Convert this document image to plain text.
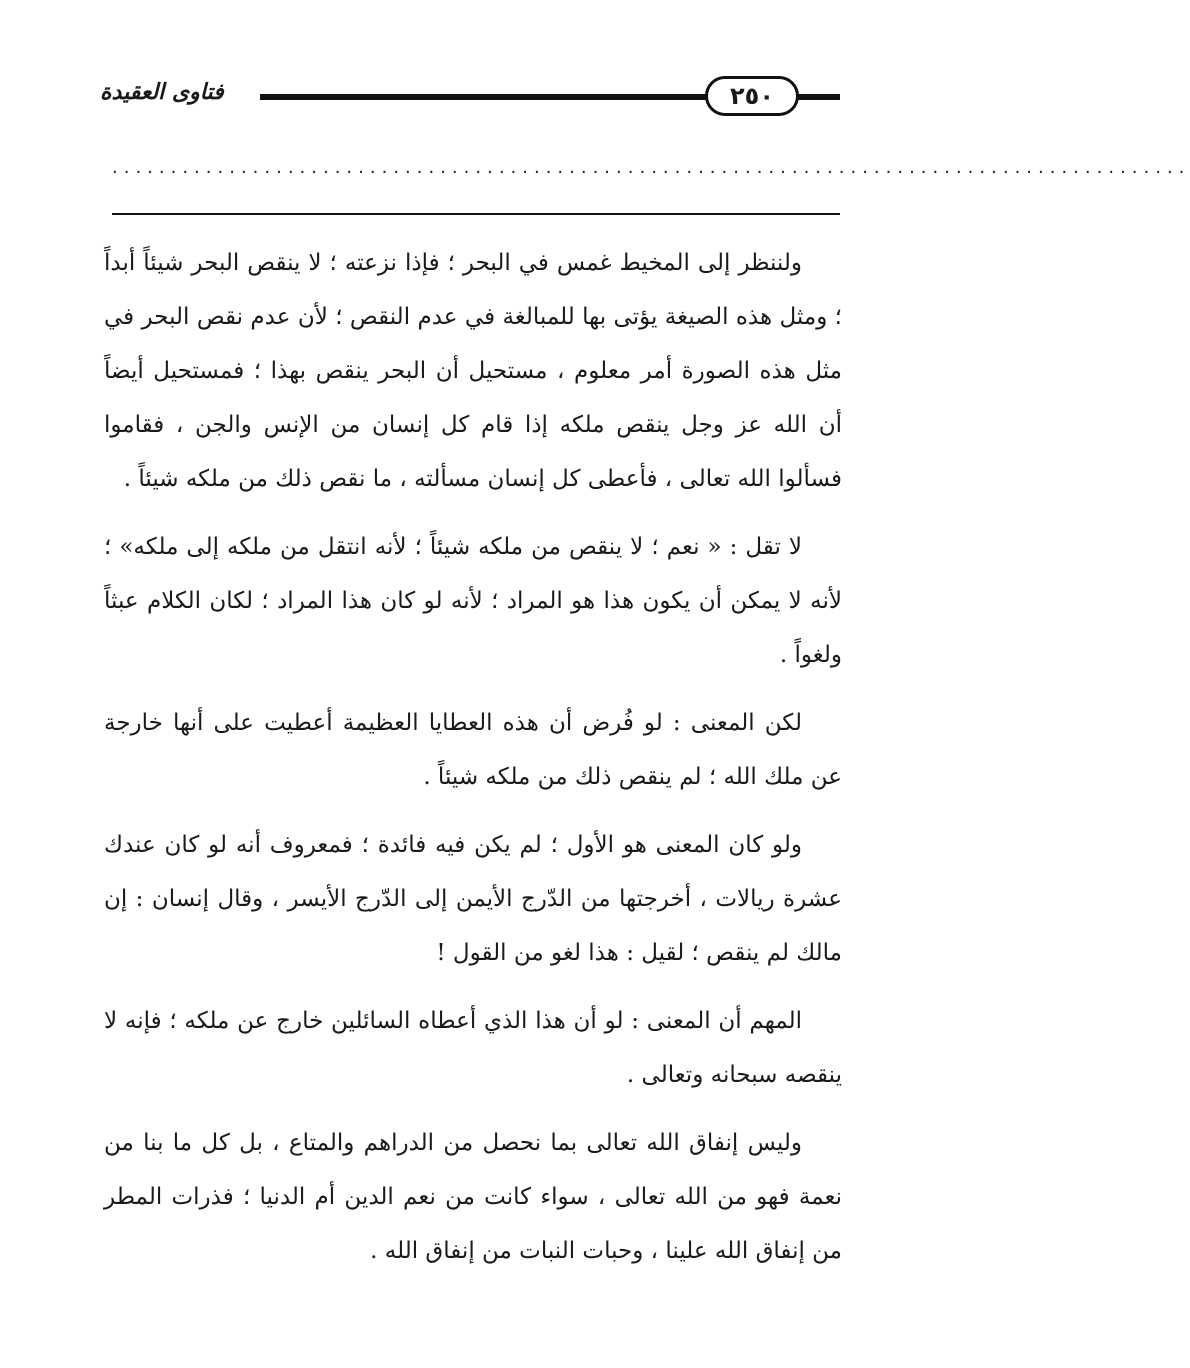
٢٥٠
فتاوى العقيدة
............................................................................................

ولننظر إلى المخيط غمس في البحر ؛ فإذا نزعته ؛ لا ينقص البحر شيئاً أبداً ؛ ومثل هذه الصيغة يؤتى بها للمبالغة في عدم النقص ؛ لأن عدم نقص البحر في مثل هذه الصورة أمر معلوم ، مستحيل أن البحر ينقص بهذا ؛ فمستحيل أيضاً أن الله عز وجل ينقص ملكه إذا قام كل إنسان من الإنس والجن ، فقاموا فسألوا الله تعالى ، فأعطى كل إنسان مسألته ، ما نقص ذلك من ملكه شيئاً .

لا تقل : « نعم ؛ لا ينقص من ملكه شيئاً ؛ لأنه انتقل من ملكه إلى ملكه» ؛ لأنه لا يمكن أن يكون هذا هو المراد ؛ لأنه لو كان هذا المراد ؛ لكان الكلام عبثاً ولغواً .

لكن المعنى : لو فُرض أن هذه العطايا العظيمة أعطيت على أنها خارجة عن ملك الله ؛ لم ينقص ذلك من ملكه شيئاً .

ولو كان المعنى هو الأول ؛ لم يكن فيه فائدة ؛ فمعروف أنه لو كان عندك عشرة ريالات ، أخرجتها من الدّرج الأيمن إلى الدّرج الأيسر ، وقال إنسان : إن مالك لم ينقص ؛ لقيل : هذا لغو من القول !

المهم أن المعنى : لو أن هذا الذي أعطاه السائلين خارج عن ملكه ؛ فإنه لا ينقصه سبحانه وتعالى .

وليس إنفاق الله تعالى بما نحصل من الدراهم والمتاع ، بل كل ما بنا من نعمة فهو من الله تعالى ، سواء كانت من نعم الدين أم الدنيا ؛ فذرات المطر من إنفاق الله علينا ، وحبات النبات من إنفاق الله .
